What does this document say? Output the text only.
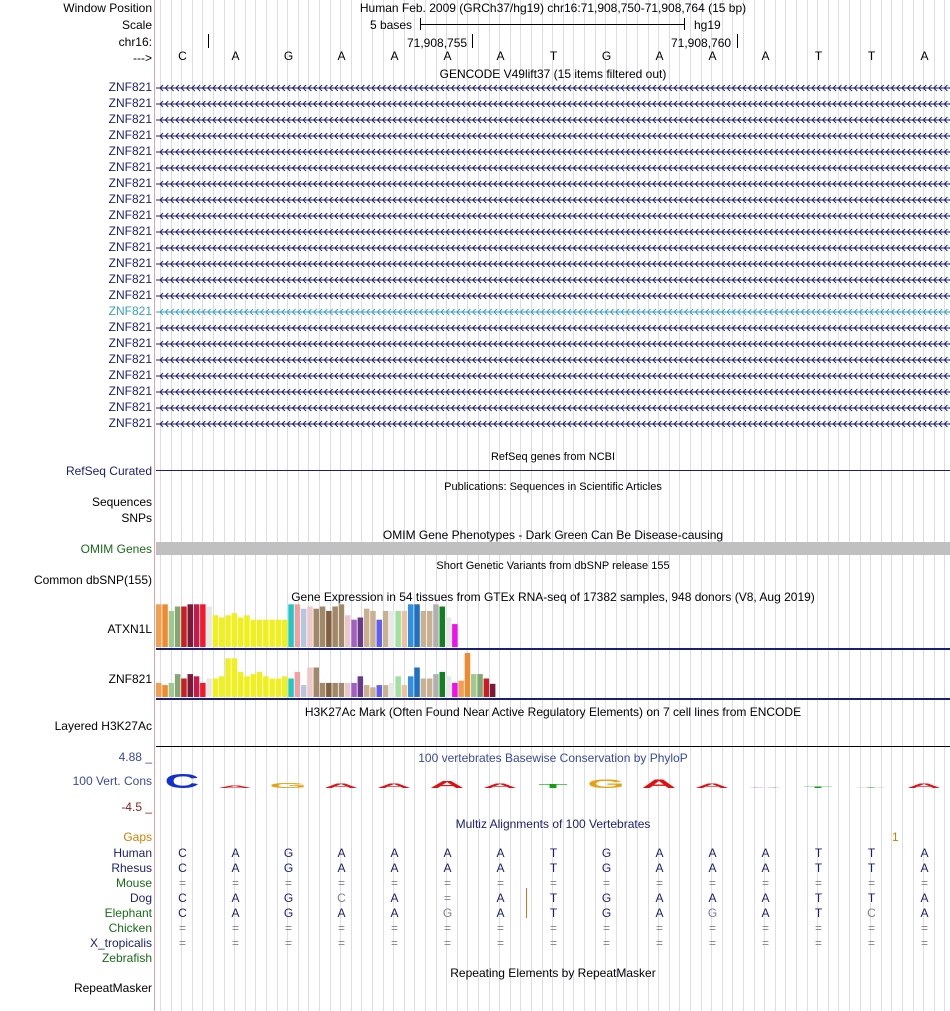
Window Position
Scale
chr16:
--->
Human Feb. 2009 (GRCh37/hg19) chr16:71,908,750-71,908,764 (15 bp)
5 bases	hg19
71,908,755	71,908,760
C	A	G	A	A	A	A	T	G	A	A	A	T	T	A
GENCODE V49lift37 (15 items filtered out)
ZNF821
ZNF821
ZNF821
ZNF821
ZNF821
ZNF821
ZNF821
ZNF821
ZNF821
ZNF821
ZNF821
ZNF821
ZNF821
ZNF821
ZNF821
ZNF821
ZNF821
ZNF821
ZNF821
ZNF821
ZNF821
ZNF821
RefSeq genes from NCBI
RefSeq Curated
Publications: Sequences in Scientific Articles
Sequences
SNPs
OMIM Gene Phenotypes - Dark Green Can Be Disease-causing
OMIM Genes
Short Genetic Variants from dbSNP release 155
Common dbSNP(155)
Gene Expression in 54 tissues from GTEx RNA-seq of 17382 samples, 948 donors (V8, Aug 2019)
ATXN1L
ZNF821
H3K27Ac Mark (Often Found Near Active Regulatory Elements) on 7 cell lines from ENCODE
Layered H3K27Ac
100 vertebrates Basewise Conservation by PhyloP
4.88 _
100 Vert. Cons
-4.5 _
C A G A A A A T G A A A T T A
Multiz Alignments of 100 Vertebrates
Gaps	1
Human	C	A	G	A	A	A	A	T	G	A	A	A	T	T	A
Rhesus	C	A	G	A	A	A	A	T	G	A	A	A	T	T	A
Mouse	=	=	=	=	=	=	=	=	=	=	=	=	=	=	=
Dog	C	A	G	C	A	=	A	T	G	A	A	A	T	T	A
Elephant	C	A	G	A	A	G	A	T	G	A	G	A	T	C	A
Chicken	=	=	=	=	=	=	=	=	=	=	=	=	=	=	=
X_tropicalis	=	=	=	=	=	=	=	=	=	=	=	=	=	=	=
Zebrafish
Repeating Elements by RepeatMasker
RepeatMasker
